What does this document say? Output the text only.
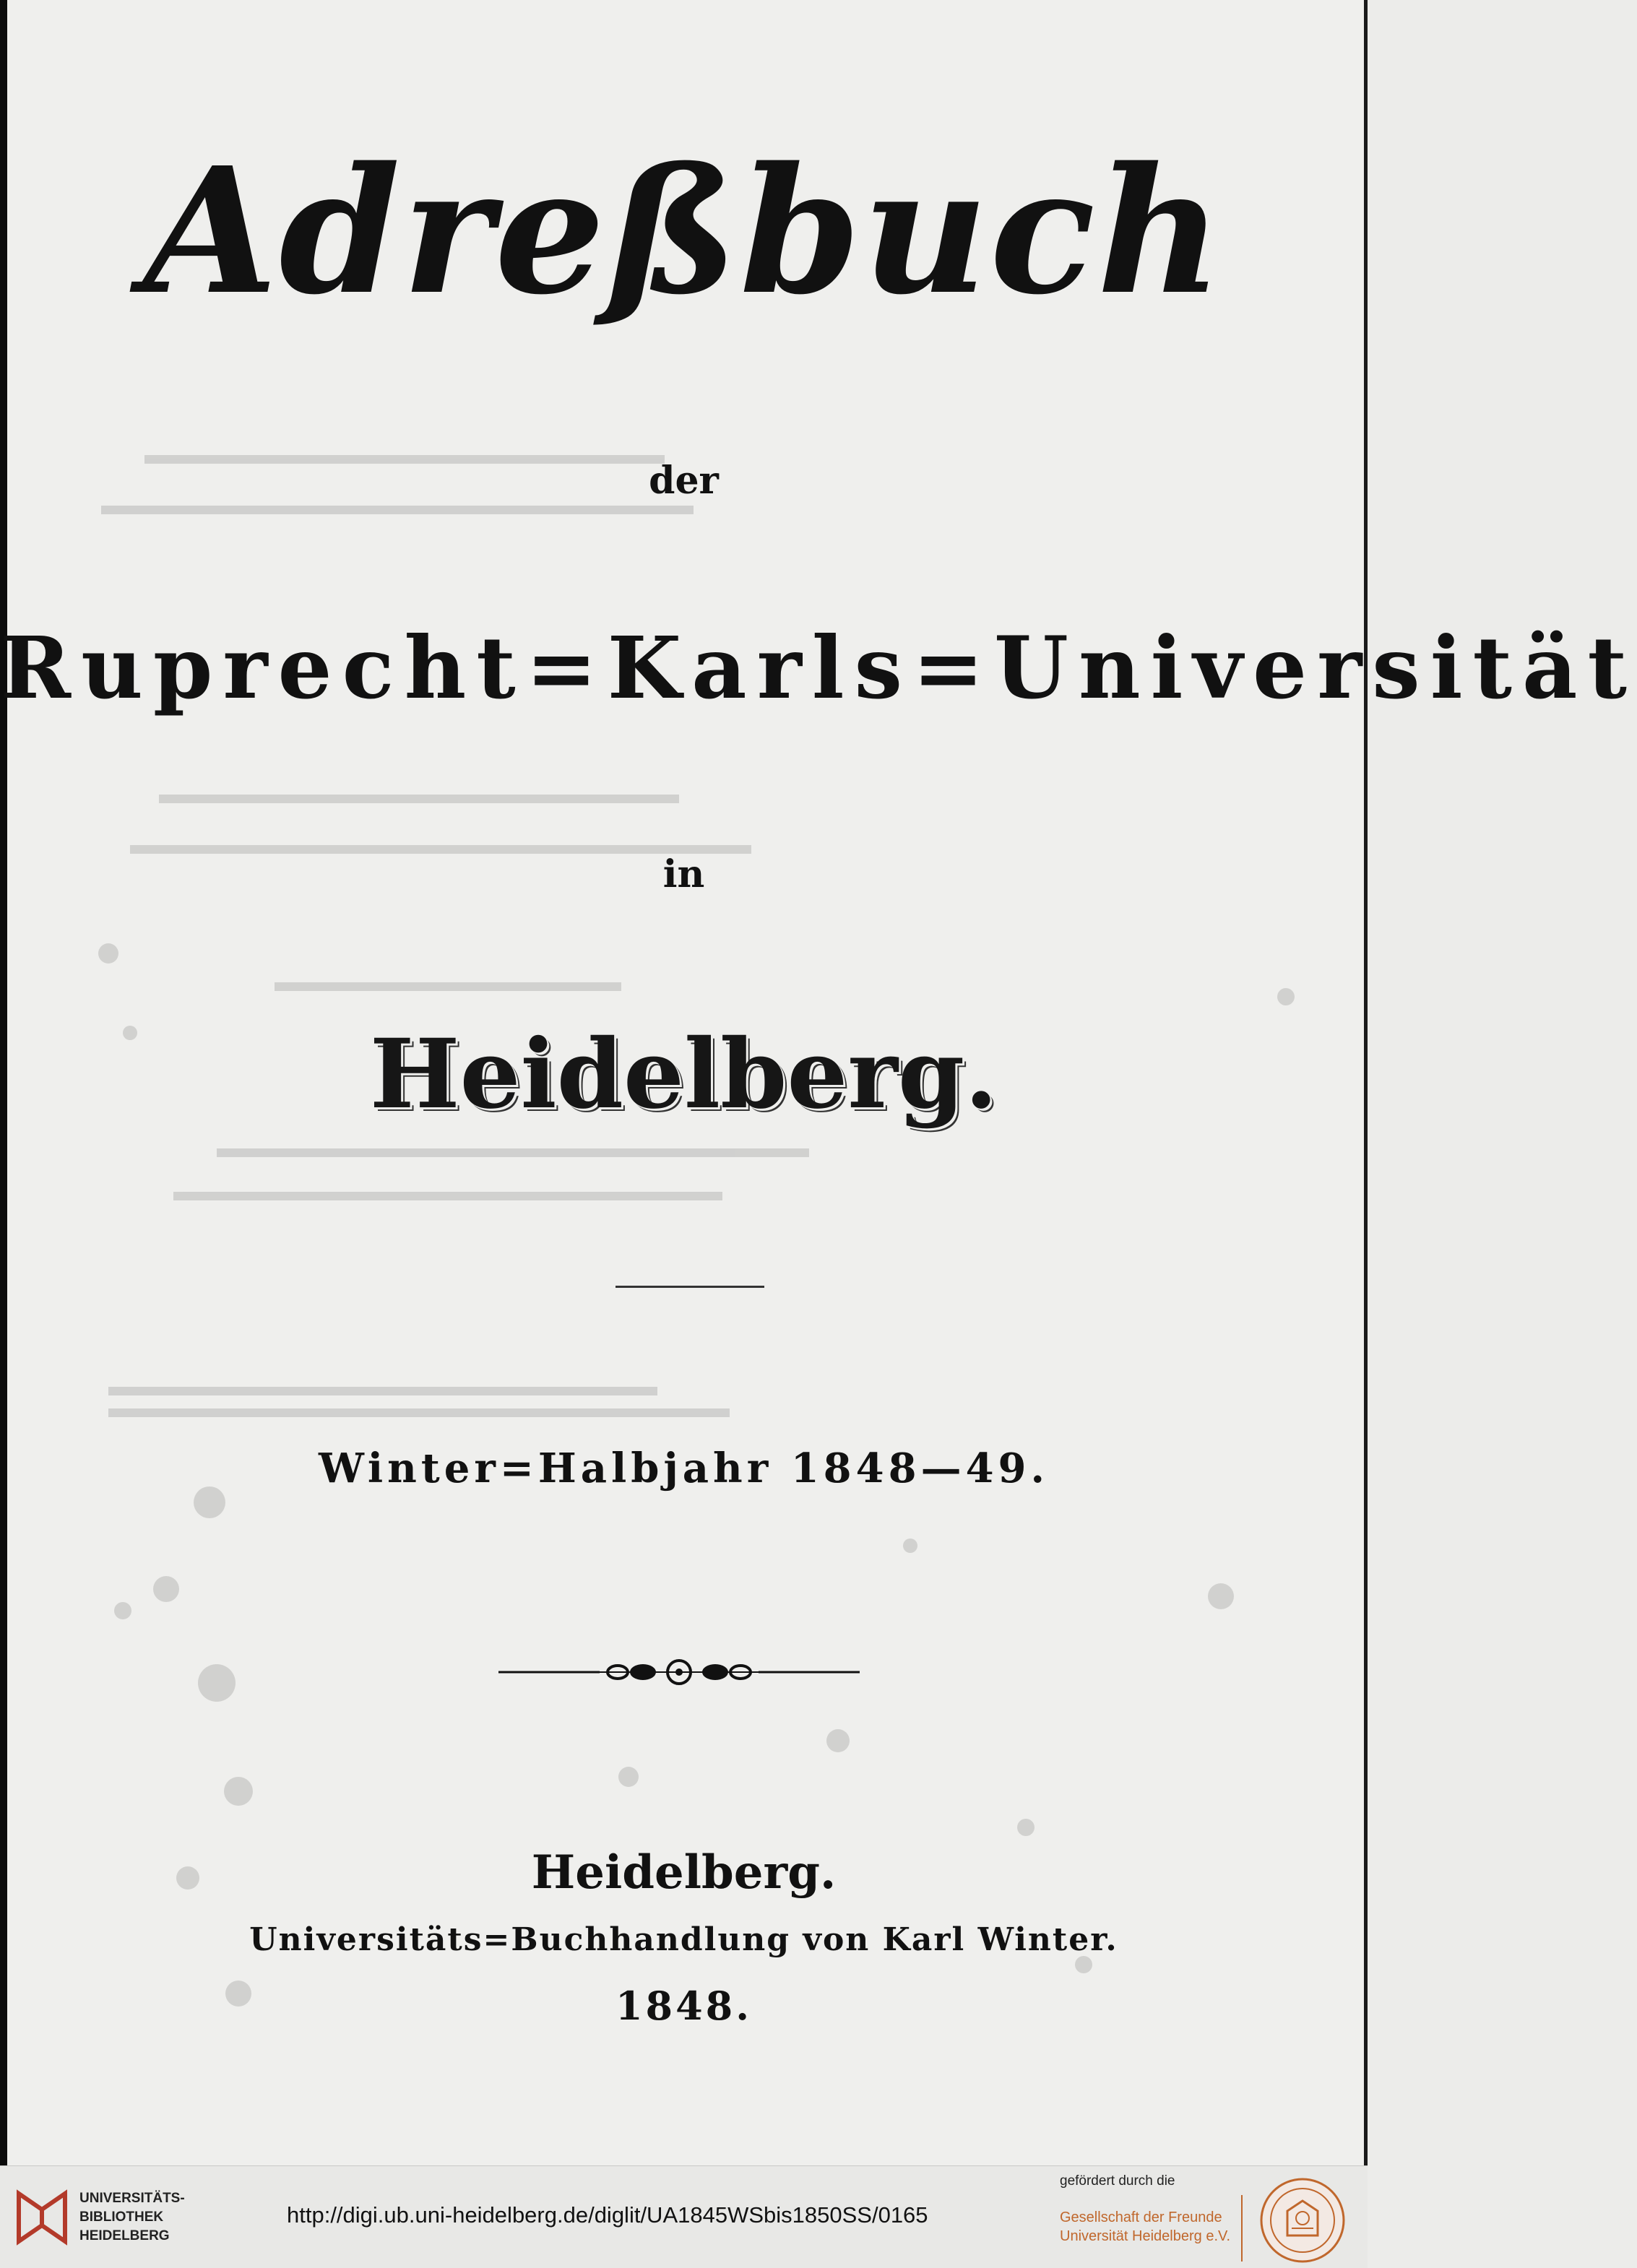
Adreßbuch
der
Ruprecht=Karls=Universität
in
Heidelberg.
Winter=Halbjahr 1848—49.
Heidelberg.
Universitäts=Buchhandlung von Karl Winter.
1848.
UNIVERSITÄTS-
BIBLIOTHEK
HEIDELBERG
http://digi.ub.uni-heidelberg.de/diglit/UA1845WSbis1850SS/0165
gefördert durch die
Gesellschaft der Freunde
Universität Heidelberg e.V.
